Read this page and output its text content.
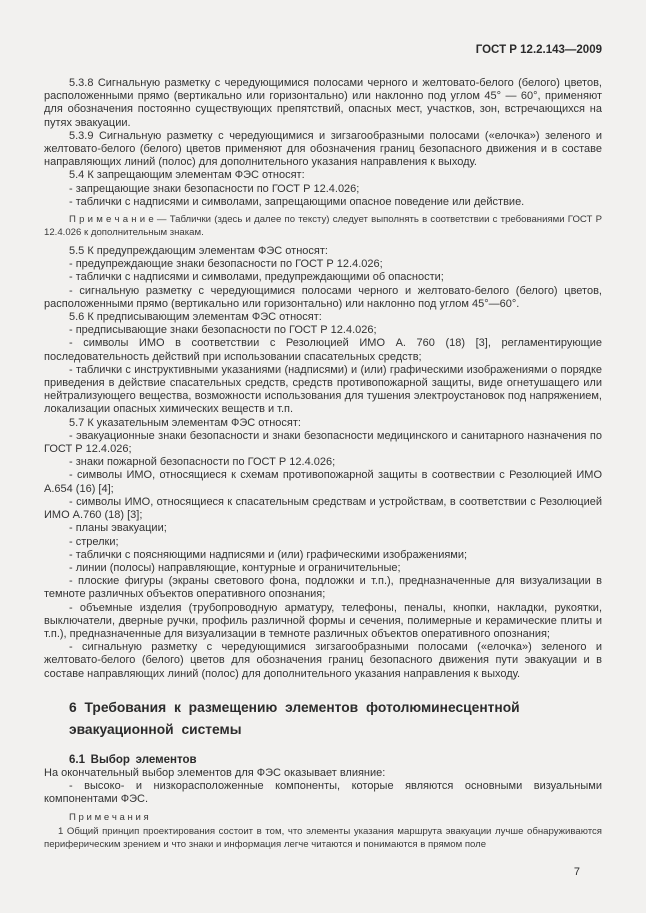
ГОСТ Р 12.2.143—2009

5.3.8 Сигнальную разметку с чередующимися полосами черного и желтовато-белого (белого) цветов, расположенными прямо (вертикально или горизонтально) или наклонно под углом 45° — 60°, применяют для обозначения постоянно существующих препятствий, опасных мест, участков, зон, встречающихся на путях эвакуации.

5.3.9 Сигнальную разметку с чередующимися и зигзагообразными полосами («елочка») зеленого и желтовато-белого (белого) цветов применяют для обозначения границ безопасного движения и в составе направляющих линий (полос) для дополнительного указания направления к выходу.

5.4 К запрещающим элементам ФЭС относят:

- запрещающие знаки безопасности по ГОСТ Р 12.4.026;

- таблички с надписями и символами, запрещающими опасное поведение или действие.

П р и м е ч а н и е — Таблички (здесь и далее по тексту) следует выполнять в соответствии с требованиями ГОСТ Р 12.4.026 к дополнительным знакам.

5.5 К предупреждающим элементам ФЭС относят:

- предупреждающие знаки безопасности по ГОСТ Р 12.4.026;

- таблички с надписями и символами, предупреждающими об опасности;

- сигнальную разметку с чередующимися полосами черного и желтовато-белого (белого) цветов, расположенными прямо (вертикально или горизонтально) или наклонно под углом 45°—60°.

5.6 К предписывающим элементам ФЭС относят:

- предписывающие знаки безопасности по ГОСТ Р 12.4.026;

- символы ИМО в соответствии с Резолюцией ИМО А. 760 (18) [3], регламентирующие последовательность действий при использовании спасательных средств;

- таблички с инструктивными указаниями (надписями) и (или) графическими изображениями о порядке приведения в действие спасательных средств, средств противопожарной защиты, виде огнетушащего или нейтрализующего вещества, возможности использования для тушения электроустановок под напряжением, локализации опасных химических веществ и т.п.

5.7 К указательным элементам ФЭС относят:

- эвакуационные знаки безопасности и знаки безопасности медицинского и санитарного назначения по ГОСТ Р 12.4.026;

- знаки пожарной безопасности по ГОСТ Р 12.4.026;

- символы ИМО, относящиеся к схемам противопожарной защиты в соотвествии с Резолюцией ИМО А.654 (16) [4];

- символы ИМО, относящиеся к спасательным средствам и устройствам, в соответствии с Резолюцией ИМО А.760 (18) [3];

- планы эвакуации;

- стрелки;

- таблички с поясняющими надписями и (или) графическими изображениями;

- линии (полосы) направляющие, контурные и ограничительные;

- плоские фигуры (экраны светового фона, подложки и т.п.), предназначенные для визуализации в темноте различных объектов оперативного опознания;

- объемные изделия (трубопроводную арматуру, телефоны, пеналы, кнопки, накладки, рукоятки, выключатели, дверные ручки, профиль различной формы и сечения, полимерные и керамические плиты и т.п.), предназначенные для визуализации в темноте различных объектов оперативного опознания;

- сигнальную разметку с чередующимися зигзагообразными полосами («елочка») зеленого и желтовато-белого (белого) цветов для обозначения границ безопасного движения пути эвакуации и в составе направляющих линий (полос) для дополнительного указания направления к выходу.

6 Требования к размещению элементов фотолюминесцентной эвакуационной системы
6.1 Выбор элементов

На окончательный выбор элементов для ФЭС оказывает влияние:

- высоко- и низкорасположенные компоненты, которые являются основными визуальными компонентами ФЭС.

П р и м е ч а н и я

1 Общий принцип проектирования состоит в том, что элементы указания маршрута эвакуации лучше обнаруживаются периферическим зрением и что знаки и информация легче читаются и понимаются в прямом поле

7
